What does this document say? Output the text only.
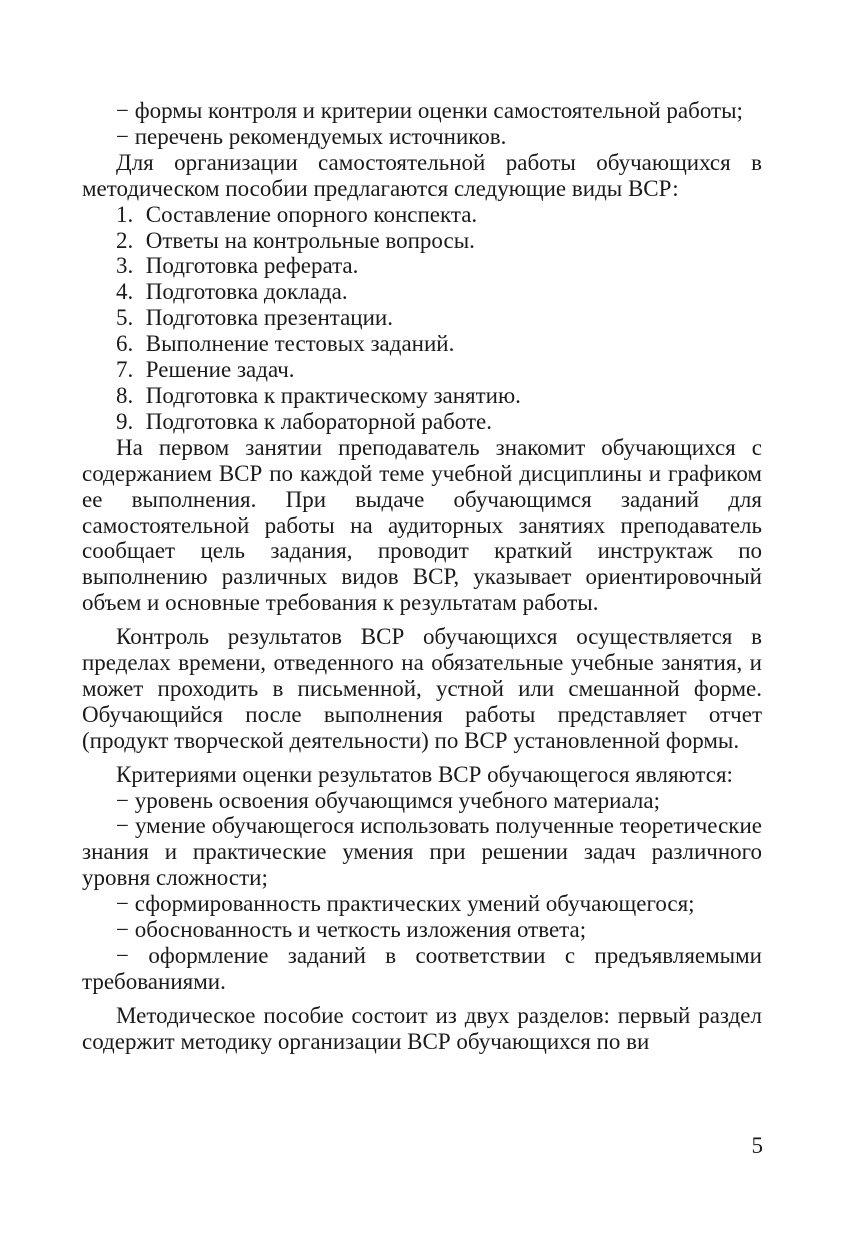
− формы контроля и критерии оценки самостоятельной работы;

− перечень рекомендуемых источников.

Для организации самостоятельной работы обучающихся в методическом пособии предлагаются следующие виды ВСР:

1. Составление опорного конспекта.
2. Ответы на контрольные вопросы.
3. Подготовка реферата.
4. Подготовка доклада.
5. Подготовка презентации.
6. Выполнение тестовых заданий.
7. Решение задач.
8. Подготовка к практическому занятию.
9. Подготовка к лабораторной работе.

На первом занятии преподаватель знакомит обучающихся с содержанием ВСР по каждой теме учебной дисциплины и графиком ее выполнения. При выдаче обучающимся заданий для самостоятельной работы на аудиторных занятиях преподаватель сообщает цель задания, проводит краткий инструктаж по выполнению различных видов ВСР, указывает ориентировочный объем и основные требования к результатам работы.

Контроль результатов ВСР обучающихся осуществляется в пределах времени, отведенного на обязательные учебные занятия, и может проходить в письменной, устной или смешанной форме. Обучающийся после выполнения работы представляет отчет (продукт творческой деятельности) по ВСР установленной формы.

Критериями оценки результатов ВСР обучающегося являются:

− уровень освоения обучающимся учебного материала;

− умение обучающегося использовать полученные теоретические знания и практические умения при решении задач различного уровня сложности;

− сформированность практических умений обучающегося;

− обоснованность и четкость изложения ответа;

− оформление заданий в соответствии с предъявляемыми требованиями.

Методическое пособие состоит из двух разделов: первый раздел содержит методику организации ВСР обучающихся по ви

5
